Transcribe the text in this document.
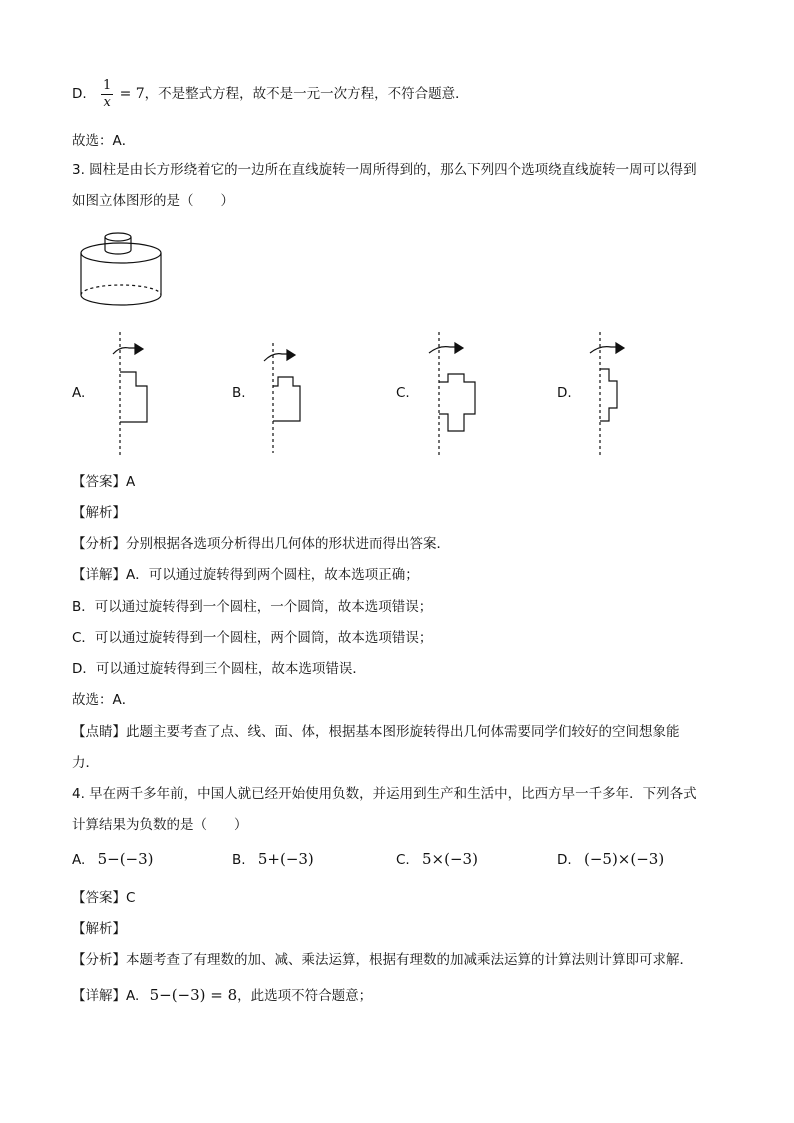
D. $\frac{1}{x} = 7$，不是整式方程，故不是一元一次方程，不符合题意．
故选：A．
3. 圆柱是由长方形绕着它的一边所在直线旋转一周所得到的，那么下列四个选项绕直线旋转一周可以得到
如图立体图形的是（　　）
A.	B.	C.	D.
【答案】A
【解析】
【分析】分别根据各选项分析得出几何体的形状进而得出答案．
【详解】A．可以通过旋转得到两个圆柱，故本选项正确；
B．可以通过旋转得到一个圆柱，一个圆筒，故本选项错误；
C．可以通过旋转得到一个圆柱，两个圆筒，故本选项错误；
D．可以通过旋转得到三个圆柱，故本选项错误．
故选：A．
【点睛】此题主要考查了点、线、面、体，根据基本图形旋转得出几何体需要同学们较好的空间想象能
力．
4. 早在两千多年前，中国人就已经开始使用负数，并运用到生产和生活中，比西方早一千多年．下列各式
计算结果为负数的是（　　）
A. 5−(−3)	B. 5+(−3)	C. 5×(−3)	D. (−5)×(−3)
【答案】C
【解析】
【分析】本题考查了有理数的加、减、乘法运算，根据有理数的加减乘法运算的计算法则计算即可求解．
【详解】A. 5−(−3) = 8，此选项不符合题意；
